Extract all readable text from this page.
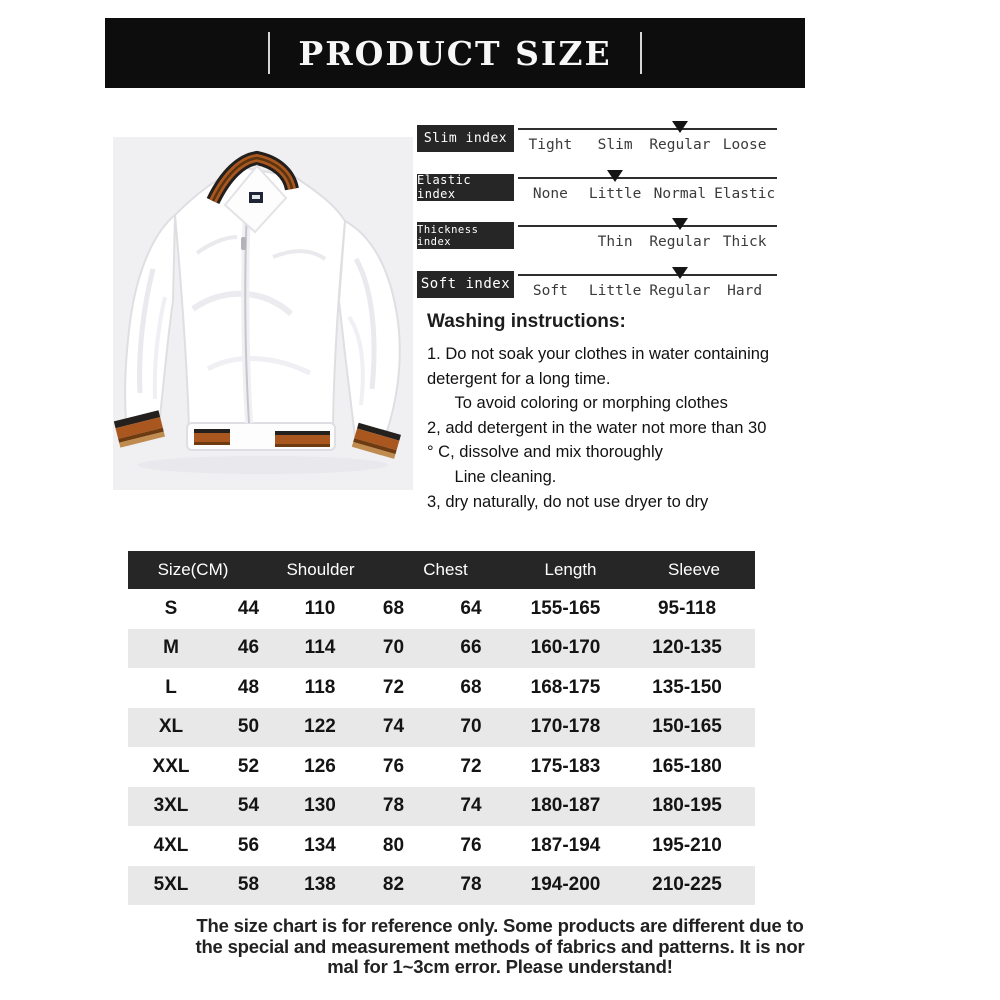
PRODUCT SIZE
Slim index	Tight	Slim	Regular Loose
Elastic index	None	Little Normal Elastic
Thickness index	Thin	Regular Thick
Soft index	Soft	Little Regular	Hard
Washing instructions:

1. Do not soak your clothes in water containing

detergent for a long time.

To avoid coloring or morphing clothes

2, add detergent in the water not more than 30

° C, dissolve and mix thoroughly

Line cleaning.

3, dry naturally, do not use dryer to dry

Size(CM)	Shoulder	Chest	Length	Sleeve
S	44	110	68	64	155-165	95-118
M	46	114	70	66	160-170	120-135
L	48	118	72	68	168-175	135-150
XL	50	122	74	70	170-178	150-165
XXL	52	126	76	72	175-183	165-180
3XL	54	130	78	74	180-187	180-195
4XL	56	134	80	76	187-194	195-210
5XL	58	138	82	78	194-200	210-225
The size chart is for reference only. Some products are different due to
the special and measurement methods of fabrics and patterns. It is nor
mal for 1~3cm error. Please understand!
